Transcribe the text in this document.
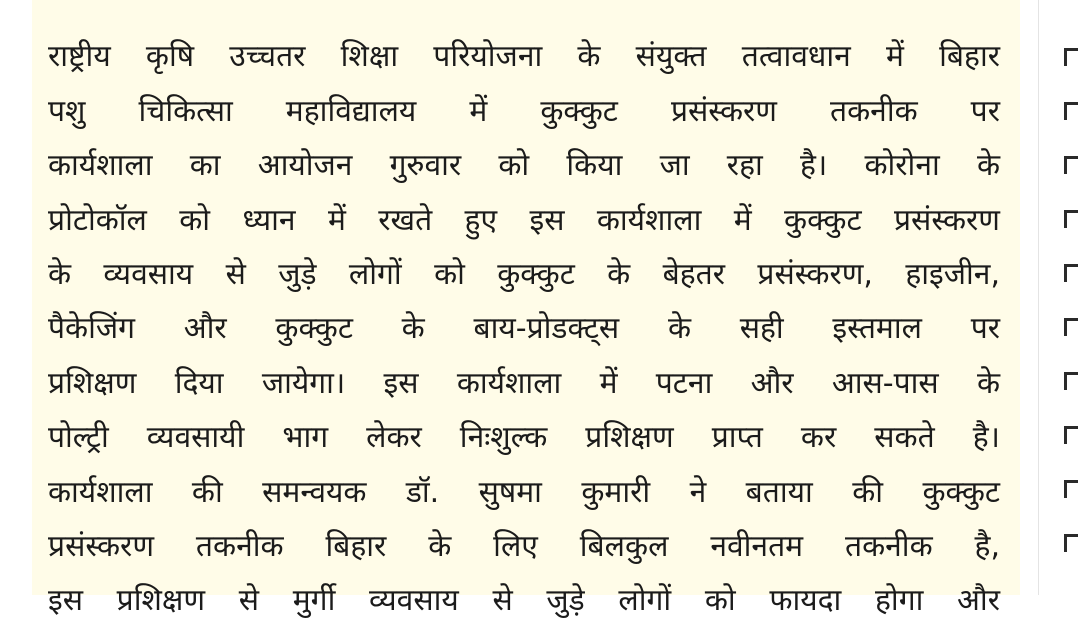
राष्ट्रीय कृषि उच्चतर शिक्षा परियोजना के संयुक्त तत्वावधान में बिहार
पशु चिकित्सा महाविद्यालय में कुक्कुट प्रसंस्करण तकनीक पर
कार्यशाला का आयोजन गुरुवार को किया जा रहा है। कोरोना के
प्रोटोकॉल को ध्यान में रखते हुए इस कार्यशाला में कुक्कुट प्रसंस्करण
के व्यवसाय से जुड़े लोगों को कुक्कुट के बेहतर प्रसंस्करण, हाइजीन,
पैकेजिंग और कुक्कुट के बाय-प्रोडक्ट्स के सही इस्तमाल पर
प्रशिक्षण दिया जायेगा। इस कार्यशाला में पटना और आस-पास के
पोल्ट्री व्यवसायी भाग लेकर निःशुल्क प्रशिक्षण प्राप्त कर सकते है।
कार्यशाला की समन्वयक डॉ. सुषमा कुमारी ने बताया की कुक्कुट
प्रसंस्करण तकनीक बिहार के लिए बिलकुल नवीनतम तकनीक है,
इस प्रशिक्षण से मुर्गी व्यवसाय से जुड़े लोगों को फायदा होगा और
